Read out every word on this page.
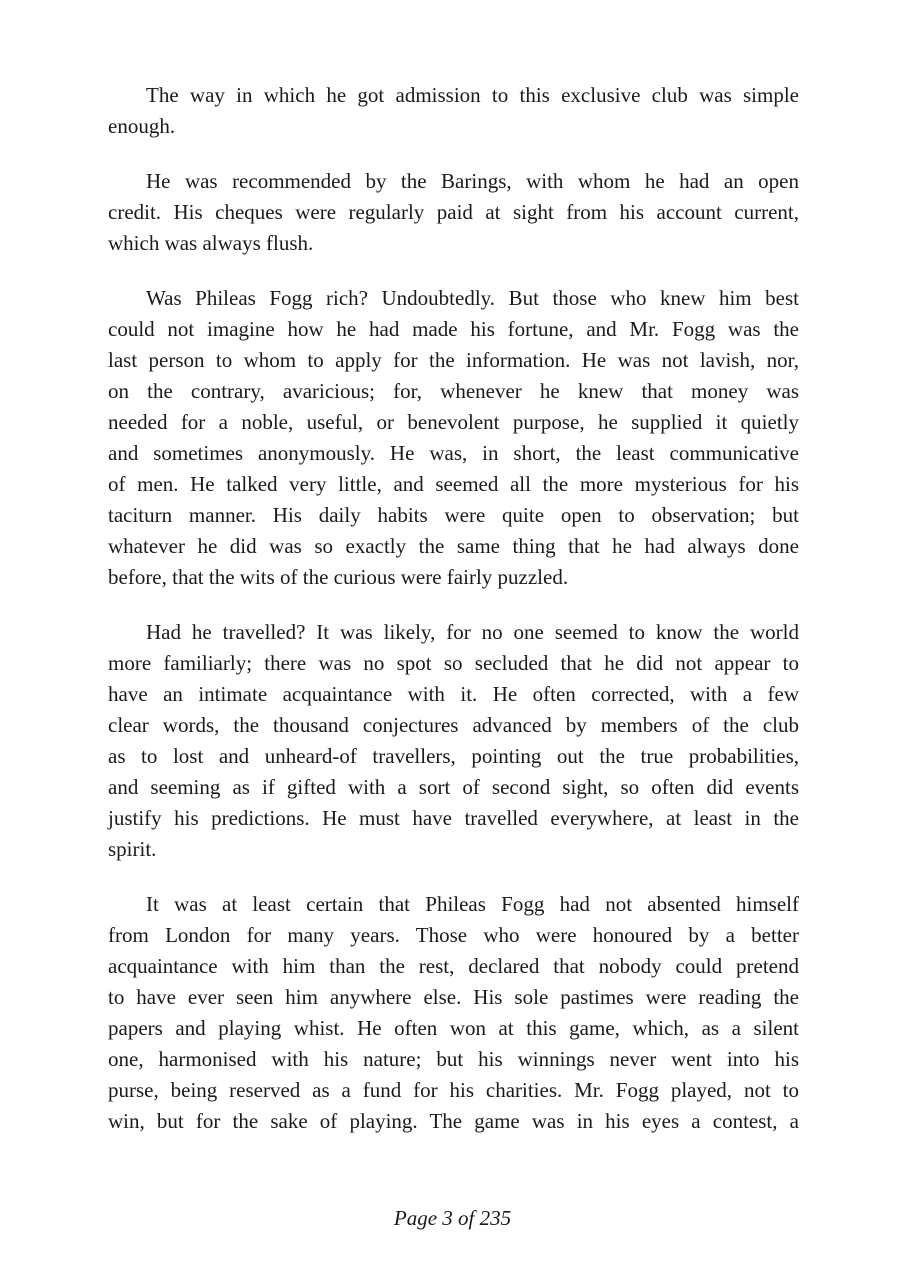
The way in which he got admission to this exclusive club was simple
enough.
He was recommended by the Barings, with whom he had an open
credit. His cheques were regularly paid at sight from his account current,
which was always flush.
Was Phileas Fogg rich? Undoubtedly. But those who knew him best
could not imagine how he had made his fortune, and Mr. Fogg was the
last person to whom to apply for the information. He was not lavish, nor,
on the contrary, avaricious; for, whenever he knew that money was
needed for a noble, useful, or benevolent purpose, he supplied it quietly
and sometimes anonymously. He was, in short, the least communicative
of men. He talked very little, and seemed all the more mysterious for his
taciturn manner. His daily habits were quite open to observation; but
whatever he did was so exactly the same thing that he had always done
before, that the wits of the curious were fairly puzzled.
Had he travelled? It was likely, for no one seemed to know the world
more familiarly; there was no spot so secluded that he did not appear to
have an intimate acquaintance with it. He often corrected, with a few
clear words, the thousand conjectures advanced by members of the club
as to lost and unheard-of travellers, pointing out the true probabilities,
and seeming as if gifted with a sort of second sight, so often did events
justify his predictions. He must have travelled everywhere, at least in the
spirit.
It was at least certain that Phileas Fogg had not absented himself
from London for many years. Those who were honoured by a better
acquaintance with him than the rest, declared that nobody could pretend
to have ever seen him anywhere else. His sole pastimes were reading the
papers and playing whist. He often won at this game, which, as a silent
one, harmonised with his nature; but his winnings never went into his
purse, being reserved as a fund for his charities. Mr. Fogg played, not to
win, but for the sake of playing. The game was in his eyes a contest, a
Page 3 of 235
